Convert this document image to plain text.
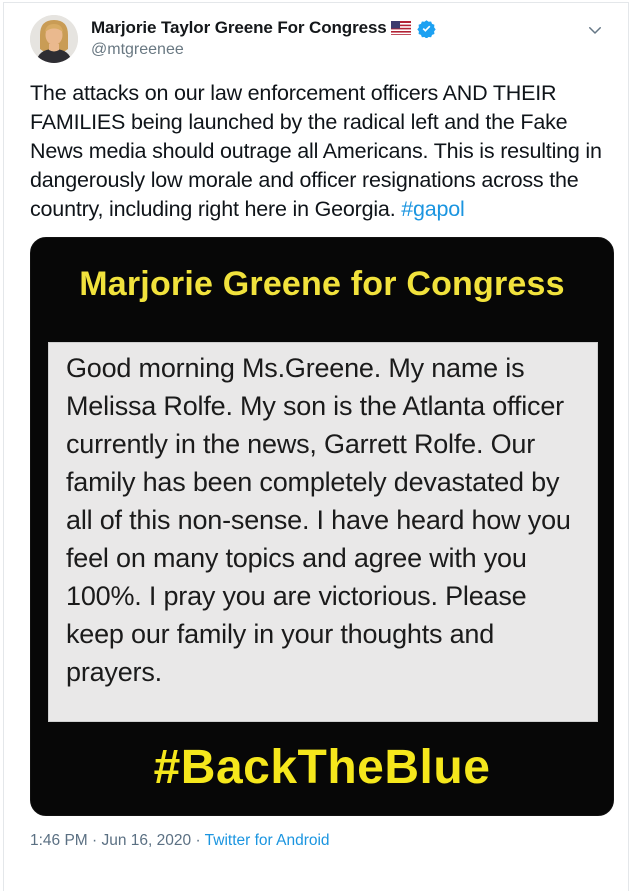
Marjorie Taylor Greene For Congress
@mtgreenee
The attacks on our law enforcement officers AND THEIR FAMILIES being launched by the radical left and the Fake News media should outrage all Americans. This is resulting in dangerously low morale and officer resignations across the country, including right here in Georgia. #gapol
Marjorie Greene for Congress
Good morning Ms.Greene. My name is Melissa Rolfe. My son is the Atlanta officer currently in the news, Garrett Rolfe. Our family has been completely devastated by all of this non-sense. I have heard how you feel on many topics and agree with you 100%. I pray you are victorious. Please keep our family in your thoughts and prayers.
#BackTheBlue
1:46 PM · Jun 16, 2020 · Twitter for Android
